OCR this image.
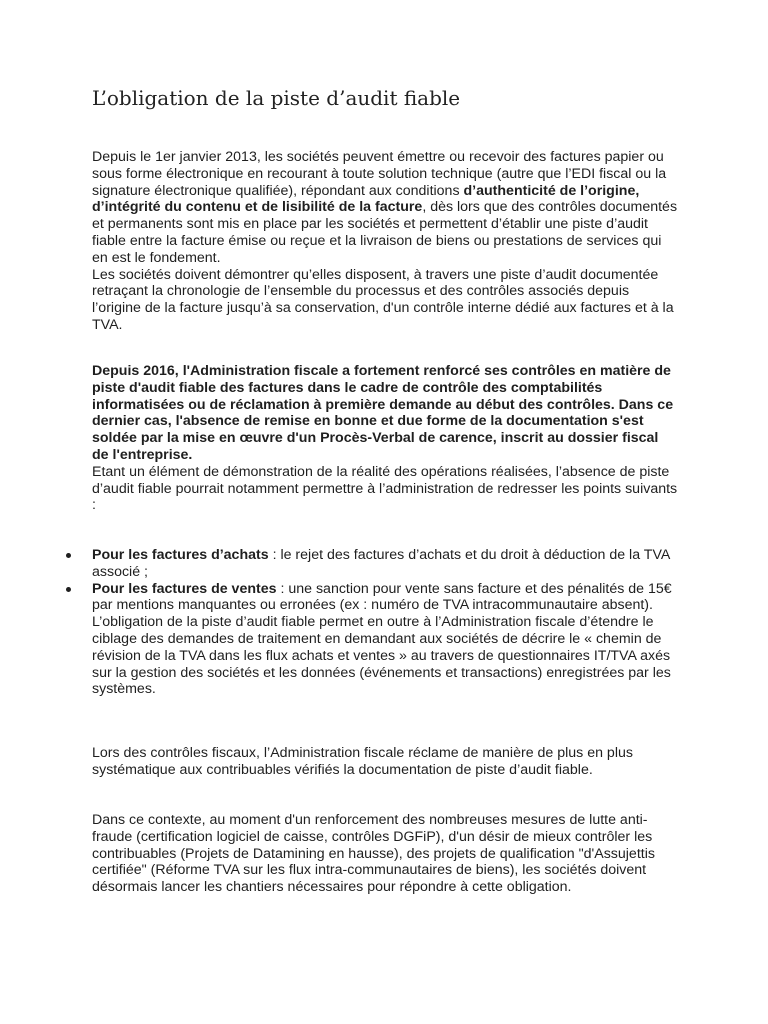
L’obligation de la piste d’audit fiable

Depuis le 1er janvier 2013, les sociétés peuvent émettre ou recevoir des factures papier ou sous forme électronique en recourant à toute solution technique (autre que l’EDI fiscal ou la signature électronique qualifiée), répondant aux conditions d’authenticité de l’origine, d’intégrité du contenu et de lisibilité de la facture, dès lors que des contrôles documentés et permanents sont mis en place par les sociétés et permettent d’établir une piste d’audit fiable entre la facture émise ou reçue et la livraison de biens ou prestations de services qui en est le fondement.

Les sociétés doivent démontrer qu’elles disposent, à travers une piste d’audit documentée retraçant la chronologie de l’ensemble du processus et des contrôles associés depuis l’origine de la facture jusqu’à sa conservation, d'un contrôle interne dédié aux factures et à la TVA.

Depuis 2016, l'Administration fiscale a fortement renforcé ses contrôles en matière de piste d'audit fiable des factures dans le cadre de contrôle des comptabilités informatisées ou de réclamation à première demande au début des contrôles. Dans ce dernier cas, l'absence de remise en bonne et due forme de la documentation s'est soldée par la mise en œuvre d'un Procès-Verbal de carence, inscrit au dossier fiscal de l'entreprise.

Etant un élément de démonstration de la réalité des opérations réalisées, l’absence de piste d’audit fiable pourrait notamment permettre à l’administration de redresser les points suivants :

Pour les factures d’achats : le rejet des factures d’achats et du droit à déduction de la TVA associé ;
Pour les factures de ventes : une sanction pour vente sans facture et des pénalités de 15€ par mentions manquantes ou erronées (ex : numéro de TVA intracommunautaire absent).

L’obligation de la piste d’audit fiable permet en outre à l’Administration fiscale d’étendre le ciblage des demandes de traitement en demandant aux sociétés de décrire le « chemin de révision de la TVA dans les flux achats et ventes » au travers de questionnaires IT/TVA axés sur la gestion des sociétés et les données (événements et transactions) enregistrées par les systèmes.

Lors des contrôles fiscaux, l’Administration fiscale réclame de manière de plus en plus systématique aux contribuables vérifiés la documentation de piste d’audit fiable.

Dans ce contexte, au moment d'un renforcement des nombreuses mesures de lutte anti-fraude (certification logiciel de caisse, contrôles DGFiP), d'un désir de mieux contrôler les contribuables (Projets de Datamining en hausse), des projets de qualification "d'Assujettis certifiée" (Réforme TVA sur les flux intra-communautaires de biens), les sociétés doivent désormais lancer les chantiers nécessaires pour répondre à cette obligation.
